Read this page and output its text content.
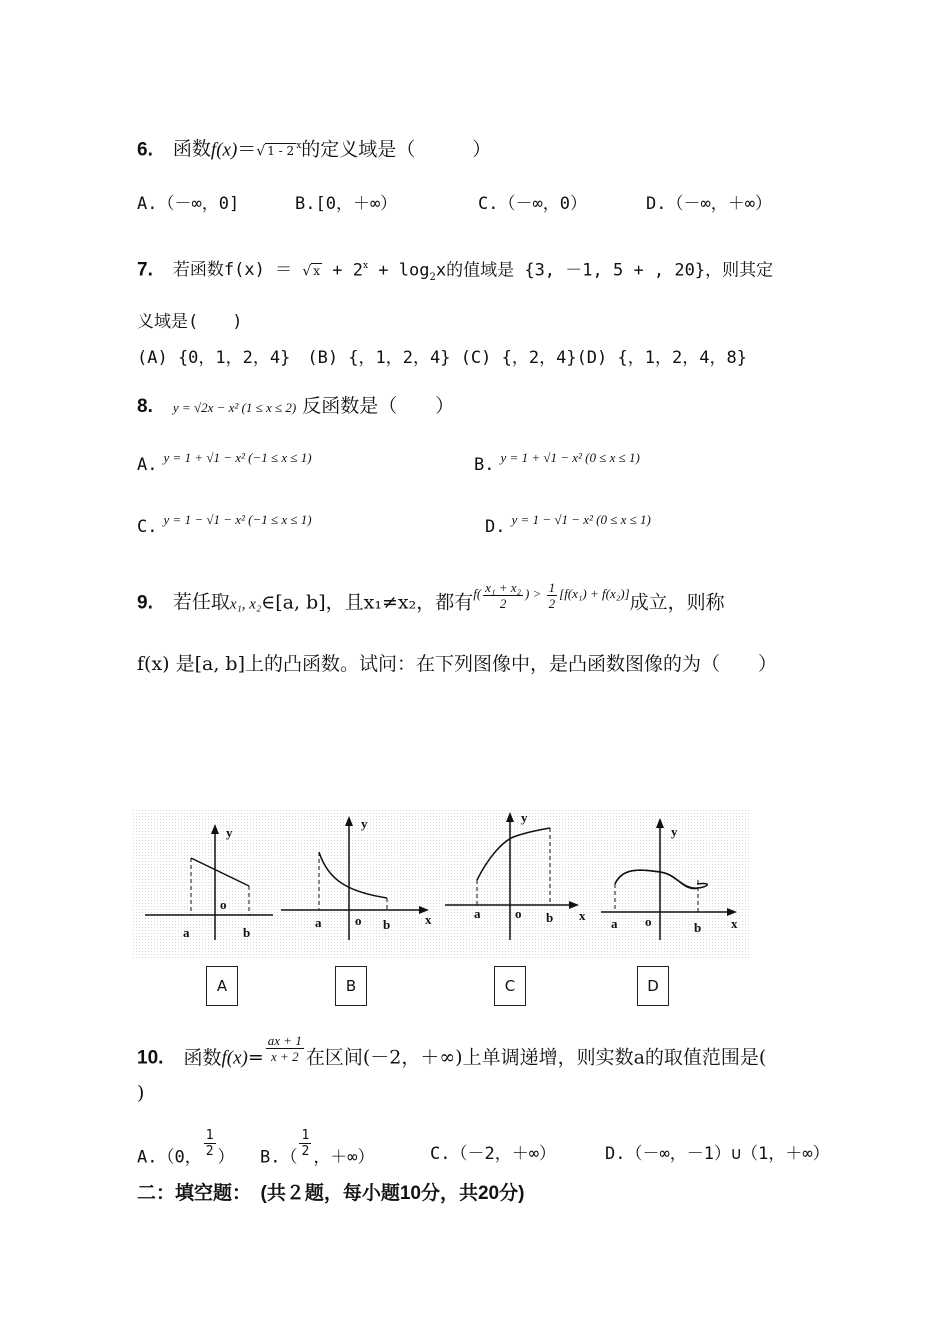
6. 函数f(x)＝√ 1 - 2 $^x$的定义域是（　　　）
A.（－∞，0]	B.[0，＋∞）	C.（－∞，0）	D.（－∞，＋∞）
7. 若函数f(x) ＝ √ $x + 2^x + \log_2x$的值域是 {3, －1, 5 + , 20}，则其定
义域是(　　)
(A) {0，1，2，4}　(B) {，1，2，4} (C) {，2，4}(D) {，1，2，4，8}
8. y = √2x − x² (1 ≤ x ≤ 2) 反函数是（　　）
A. $^{y = 1 + √1 - x^2 (-1 \le x \le 1)}$	B. $^{y = 1 + √1 - x^2 (0 \le x \le 1)}$
C. $^{y = 1 - √1 - x^2 (-1 \le x \le 1)}$	D. $^{y = 1 - √1 - x^2 (0 \le x \le 1)}$
9. 若任取x₁, x₂∈[a, b]，且x₁≠x₂，都有$^{f( \frac{\text{x₁ + x₂}}{2} ) > \frac{1}{2} [f(x_1) + f(x_2)]}$成立，则称
f(x) 是[a, b]上的凸函数。试问：在下列图像中，是凸函数图像的为（　　）
y
o
a	b
y
x
o
a	b
y
x
o
a	b
y
x
o
a	b
A	B	C	D
10. 函数$f(x)= \frac{ax + 1}{x + 2}$ 在区间(－2，＋∞)上单调递增，则实数a的取值范围是(
)
A.（0， $\frac{1}{2}$ ） $B.( \frac{1}{2}$ ，＋∞）	C.（－2，＋∞）	D.（－∞，－1）∪（1，＋∞）
二：填空题：　(共２题，每小题10分，共20分)
